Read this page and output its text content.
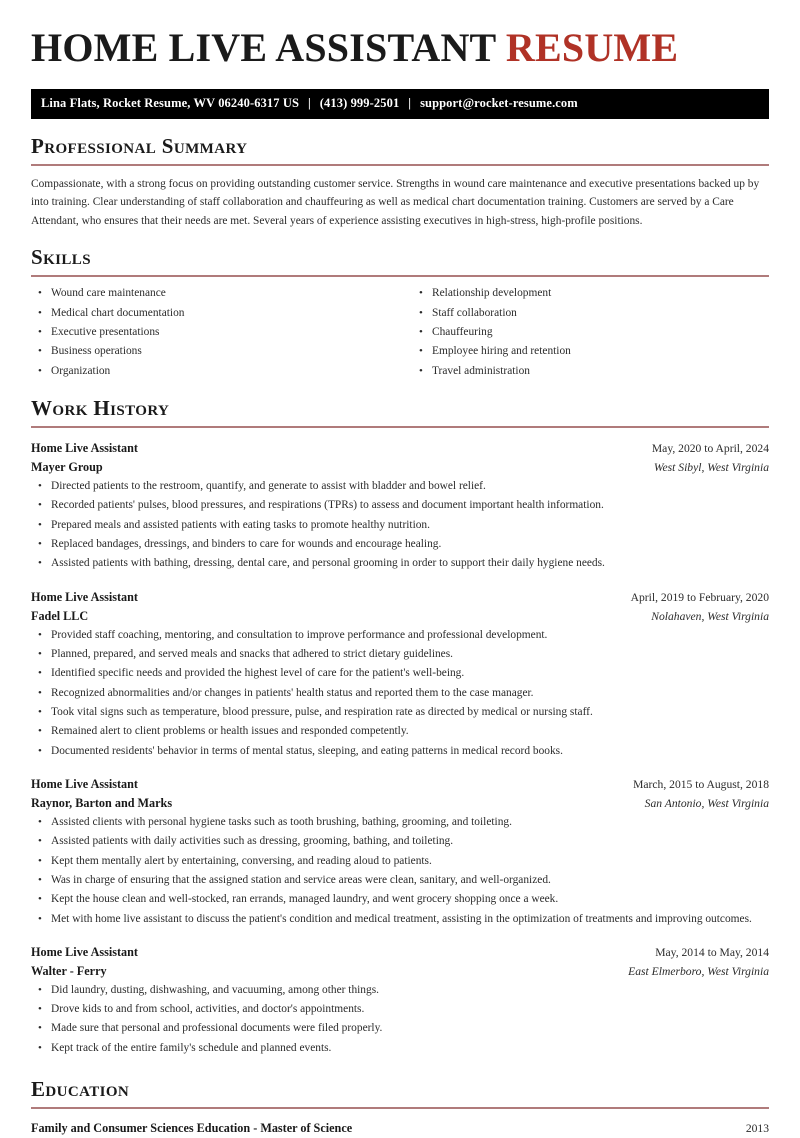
HOME LIVE ASSISTANT RESUME
Lina Flats, Rocket Resume, WV 06240-6317 US | (413) 999-2501 | support@rocket-resume.com
Professional Summary

Compassionate, with a strong focus on providing outstanding customer service. Strengths in wound care maintenance and executive presentations backed up by into training. Clear understanding of staff collaboration and chauffeuring as well as medical chart documentation training. Customers are served by a Care Attendant, who ensures that their needs are met. Several years of experience assisting executives in high-stress, high-profile positions.

Skills
• Wound care maintenance
• Medical chart documentation
• Executive presentations
• Business operations
• Organization
• Relationship development
• Staff collaboration
• Chauffeuring
• Employee hiring and retention
• Travel administration
Work History
Home Live Assistant	May, 2020 to April, 2024
Mayer Group	West Sibyl, West Virginia
• Directed patients to the restroom, quantify, and generate to assist with bladder and bowel relief.
• Recorded patients' pulses, blood pressures, and respirations (TPRs) to assess and document important health information.
• Prepared meals and assisted patients with eating tasks to promote healthy nutrition.
• Replaced bandages, dressings, and binders to care for wounds and encourage healing.
• Assisted patients with bathing, dressing, dental care, and personal grooming in order to support their daily hygiene needs.
Home Live Assistant	April, 2019 to February, 2020
Fadel LLC	Nolahaven, West Virginia
• Provided staff coaching, mentoring, and consultation to improve performance and professional development.
• Planned, prepared, and served meals and snacks that adhered to strict dietary guidelines.
• Identified specific needs and provided the highest level of care for the patient's well-being.
• Recognized abnormalities and/or changes in patients' health status and reported them to the case manager.
• Took vital signs such as temperature, blood pressure, pulse, and respiration rate as directed by medical or nursing staff.
• Remained alert to client problems or health issues and responded competently.
• Documented residents' behavior in terms of mental status, sleeping, and eating patterns in medical record books.
Home Live Assistant	March, 2015 to August, 2018
Raynor, Barton and Marks	San Antonio, West Virginia
• Assisted clients with personal hygiene tasks such as tooth brushing, bathing, grooming, and toileting.
• Assisted patients with daily activities such as dressing, grooming, bathing, and toileting.
• Kept them mentally alert by entertaining, conversing, and reading aloud to patients.
• Was in charge of ensuring that the assigned station and service areas were clean, sanitary, and well-organized.
• Kept the house clean and well-stocked, ran errands, managed laundry, and went grocery shopping once a week.
• Met with home live assistant to discuss the patient's condition and medical treatment, assisting in the optimization of treatments and improving outcomes.
Home Live Assistant	May, 2014 to May, 2014
Walter - Ferry	East Elmerboro, West Virginia
• Did laundry, dusting, dishwashing, and vacuuming, among other things.
• Drove kids to and from school, activities, and doctor's appointments.
• Made sure that personal and professional documents were filed properly.
• Kept track of the entire family's schedule and planned events.
Education
Family and Consumer Sciences Education - Master of Science	2013
